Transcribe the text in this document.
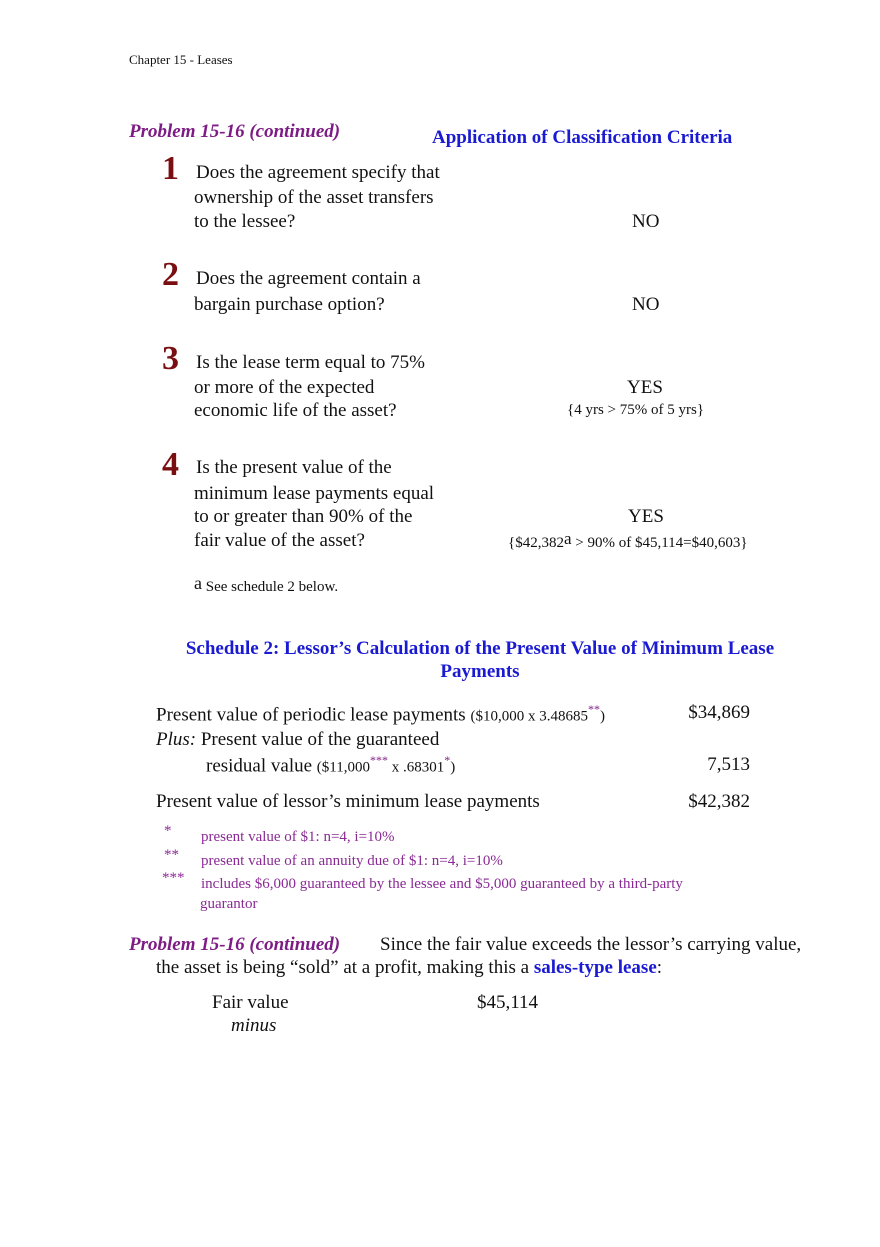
Chapter 15 - Leases
Problem 15-16 (continued)	Application of Classification Criteria
1 Does the agreement specify that
ownership of the asset transfers
to the lessee?	NO
2 Does the agreement contain a
bargain purchase option?	NO
3 Is the lease term equal to 75%
or more of the expected
economic life of the asset?
YES
{4 yrs > 75% of 5 yrs}
4 Is the present value of the
minimum lease payments equal
to or greater than 90% of the
fair value of the asset?
YES
{$42,382a > 90% of $45,114=$40,603}
a See schedule 2 below.
Schedule 2: Lessor’s Calculation of the Present Value of Minimum Lease
Payments
Present value of periodic lease payments ($10,000 x 3.48685**)	$34,869
Plus: Present value of the guaranteed
residual value ($11,000*** x .68301*)	7,513
Present value of lessor’s minimum lease payments	$42,382
* present value of $1: n=4, i=10%
** present value of an annuity due of $1: n=4, i=10%
*** includes $6,000 guaranteed by the lessee and $5,000 guaranteed by a third-party
guarantor
Problem 15-16 (continued) Since the fair value exceeds the lessor’s carrying value,
the asset is being “sold” at a profit, making this a sales-type lease:
Fair value	$45,114
minus
